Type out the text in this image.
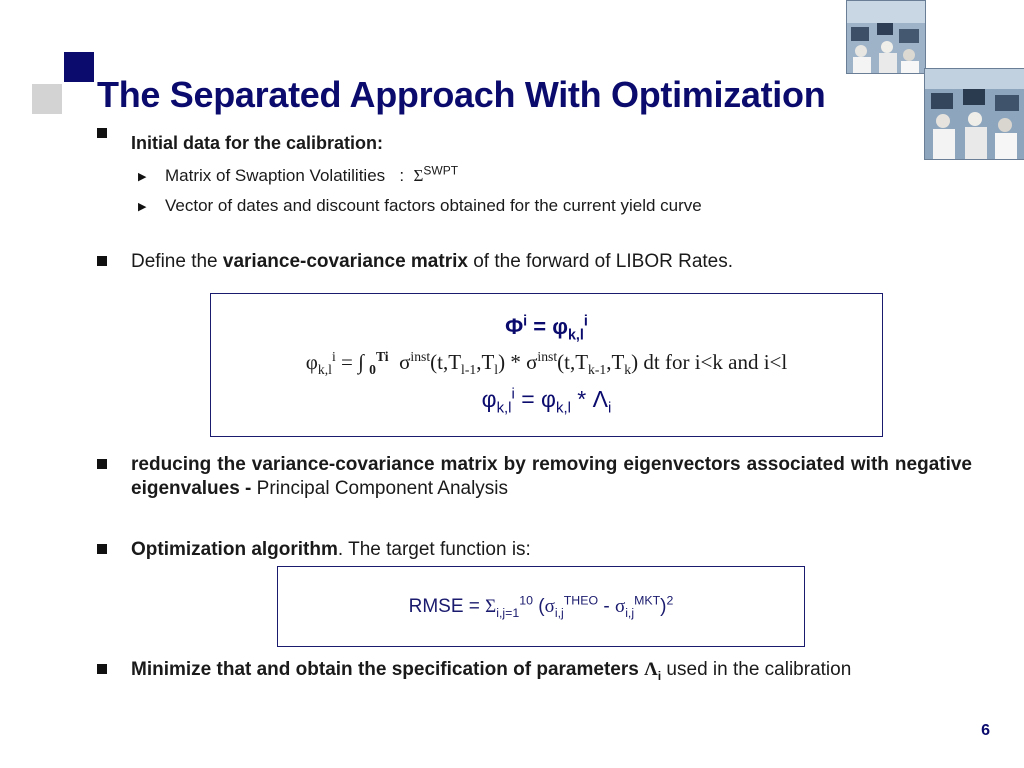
The Separated Approach With Optimization
Initial data for the calibration:
▶ Matrix of Swaption Volatilities : $\Sigma^{SWPT}$
▶ Vector of dates and discount factors obtained for the current yield curve
Define the variance-covariance matrix of the forward of LIBOR Rates.
$\Phi^i = \varphi_{k,l}^i$
$\varphi_{k,l}^i$ = ∫ $_0^{Ti}$ $\sigma^{inst}(t,T_{l-1},T_l) * \sigma^{inst}(t,T_{k-1},T_k)$ dt for i<k and i<l
$\varphi_{k,l}^i = \varphi_{k,l} * \Lambda_i$
reducing the variance-covariance matrix by removing eigenvectors associated with negative eigenvalues - Principal Component Analysis
Optimization algorithm. The target function is:
RMSE = $\Sigma_{i,j=1}^{10}$ $(\sigma_{i,j}^{THEO} - \sigma_{i,j}^{MKT})^2$
Minimize that and obtain the specification of parameters $\Lambda_i$ used in the calibration
6
